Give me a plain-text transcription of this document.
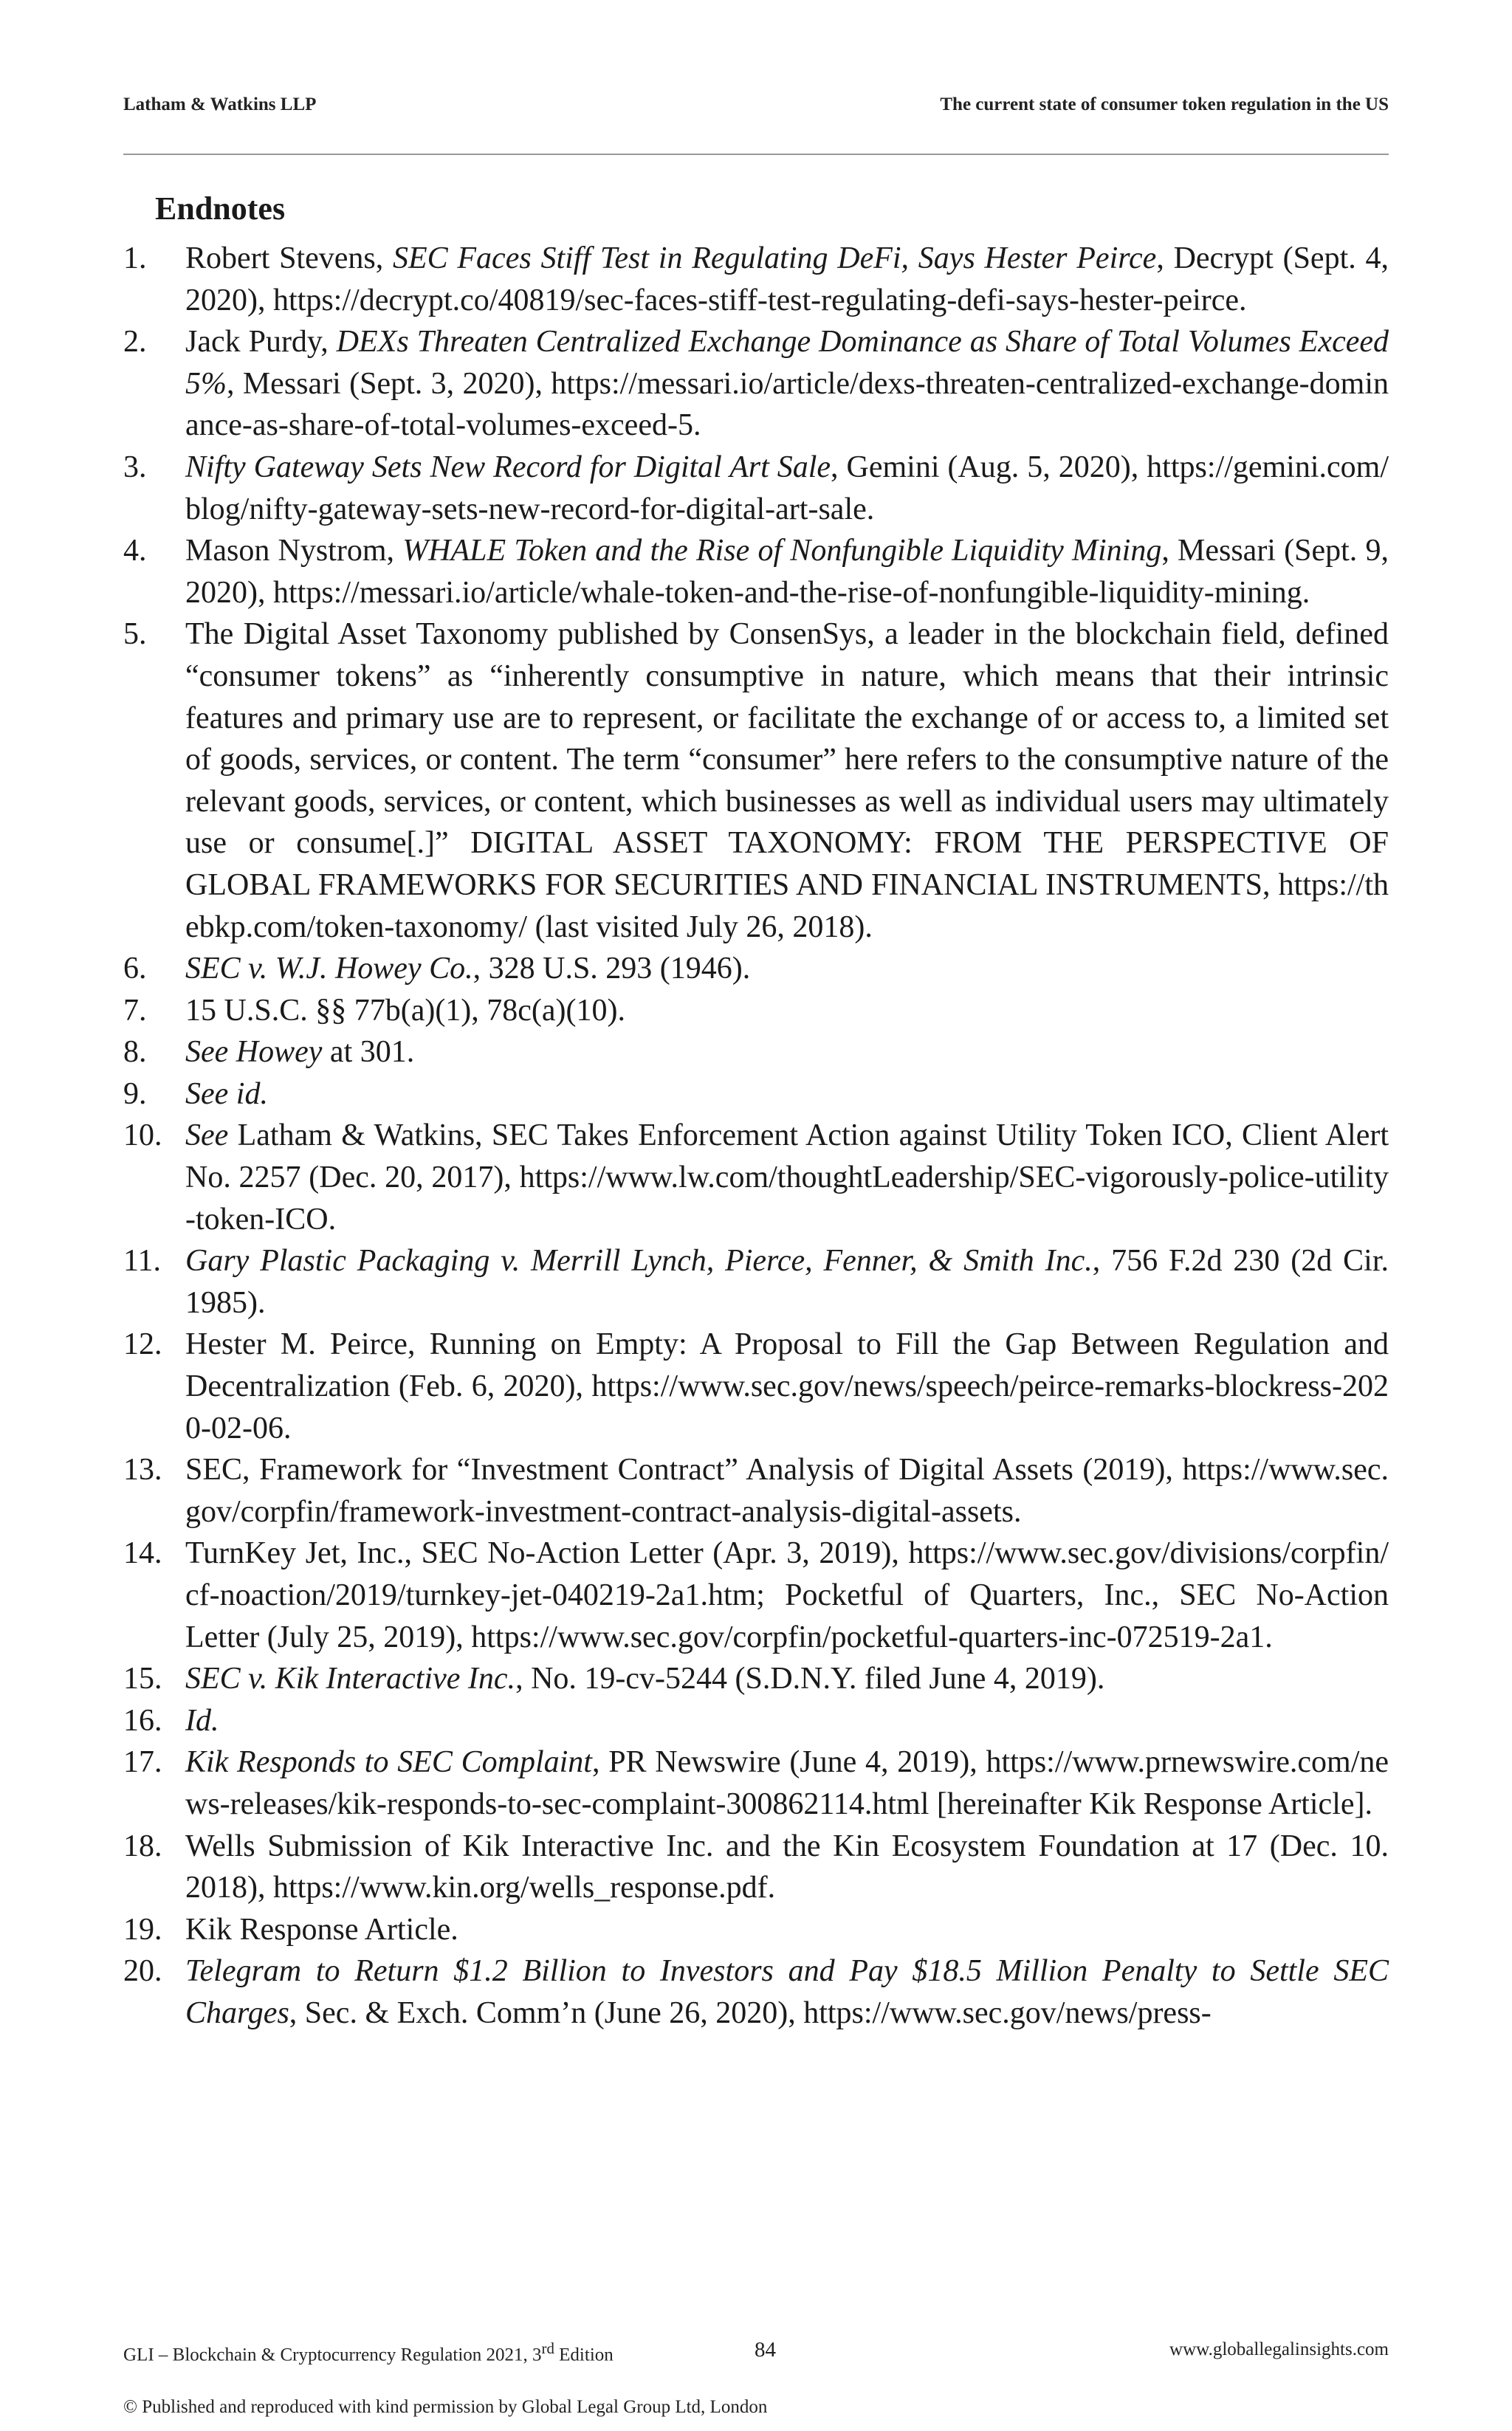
Latham & Watkins LLP	The current state of consumer token regulation in the US
Endnotes
1 . Robert Stevens, SEC Faces Stiff Test in Regulating DeFi, Says Hester Peirce, Decrypt (Sept. 4, 2020), https://decrypt.co/40819/sec-faces-stiff-test-regulating-defi-says-hester-peirce.
2 . Jack Purdy, DEXs Threaten Centralized Exchange Dominance as Share of Total Volumes Exceed 5%, Messari (Sept. 3, 2020), https://messari.io/article/dexs-threaten-centralized-exchange-dominance-as-share-of-total-volumes-exceed-5.
3 . Nifty Gateway Sets New Record for Digital Art Sale, Gemini (Aug. 5, 2020), https://gemini.com/blog/nifty-gateway-sets-new-record-for-digital-art-sale.
4 . Mason Nystrom, WHALE Token and the Rise of Nonfungible Liquidity Mining, Messari (Sept. 9, 2020), https://messari.io/article/whale-token-and-the-rise-of-nonfungible-liquidity-mining.
5 . The Digital Asset Taxonomy published by ConsenSys, a leader in the blockchain field, defined “consumer tokens” as “inherently consumptive in nature, which means that their intrinsic features and primary use are to represent, or facilitate the exchange of or access to, a limited set of goods, services, or content. The term “consumer” here refers to the consumptive nature of the relevant goods, services, or content, which businesses as well as individual users may ultimately use or consume[.]” DIGITAL ASSET TAXONOMY: FROM THE PERSPECTIVE OF GLOBAL FRAMEWORKS FOR SECURITIES AND FINANCIAL INSTRUMENTS, https://thebkp.com/token-taxonomy/ (last visited July 26, 2018).
6 . SEC v. W.J. Howey Co., 328 U.S. 293 (1946).
7 . 15 U.S.C. §§ 77b(a)(1), 78c(a)(10).
8 . See Howey at 301.
9 . See id.
10 . See Latham & Watkins, SEC Takes Enforcement Action against Utility Token ICO, Client Alert No. 2257 (Dec. 20, 2017), https://www.lw.com/thoughtLeadership/SEC-vigorously-police-utility-token-ICO.
11 . Gary Plastic Packaging v. Merrill Lynch, Pierce, Fenner, & Smith Inc., 756 F.2d 230 (2d Cir. 1985).
12 . Hester M. Peirce, Running on Empty: A Proposal to Fill the Gap Between Regulation and Decentralization (Feb. 6, 2020), https://www.sec.gov/news/speech/peirce-remarks-blockress-2020-02-06.
13 . SEC, Framework for “Investment Contract” Analysis of Digital Assets (2019), https://www.sec.gov/corpfin/framework-investment-contract-analysis-digital-assets.
14 . TurnKey Jet, Inc., SEC No-Action Letter (Apr. 3, 2019), https://www.sec.gov/divisions/corpfin/cf-noaction/2019/turnkey-jet-040219-2a1.htm; Pocketful of Quarters, Inc., SEC No-Action Letter (July 25, 2019), https://www.sec.gov/corpfin/pocketful-quarters-inc-072519-2a1.
15 . SEC v. Kik Interactive Inc., No. 19-cv-5244 (S.D.N.Y. filed June 4, 2019).
16 . Id.
17 . Kik Responds to SEC Complaint, PR Newswire (June 4, 2019), https://www.prnewswire.com/news-releases/kik-responds-to-sec-complaint-300862114.html [hereinafter Kik Response Article].
18 . Wells Submission of Kik Interactive Inc. and the Kin Ecosystem Foundation at 17 (Dec. 10. 2018), https://www.kin.org/wells_response.pdf.
19 . Kik Response Article.
20 . Telegram to Return $1.2 Billion to Investors and Pay $18.5 Million Penalty to Settle SEC Charges, Sec. & Exch. Comm’n (June 26, 2020), https://www.sec.gov/news/press-
GLI – Blockchain & Cryptocurrency Regulation 2021, 3rd Edition	84	www.globallegalinsights.com
© Published and reproduced with kind permission by Global Legal Group Ltd, London
